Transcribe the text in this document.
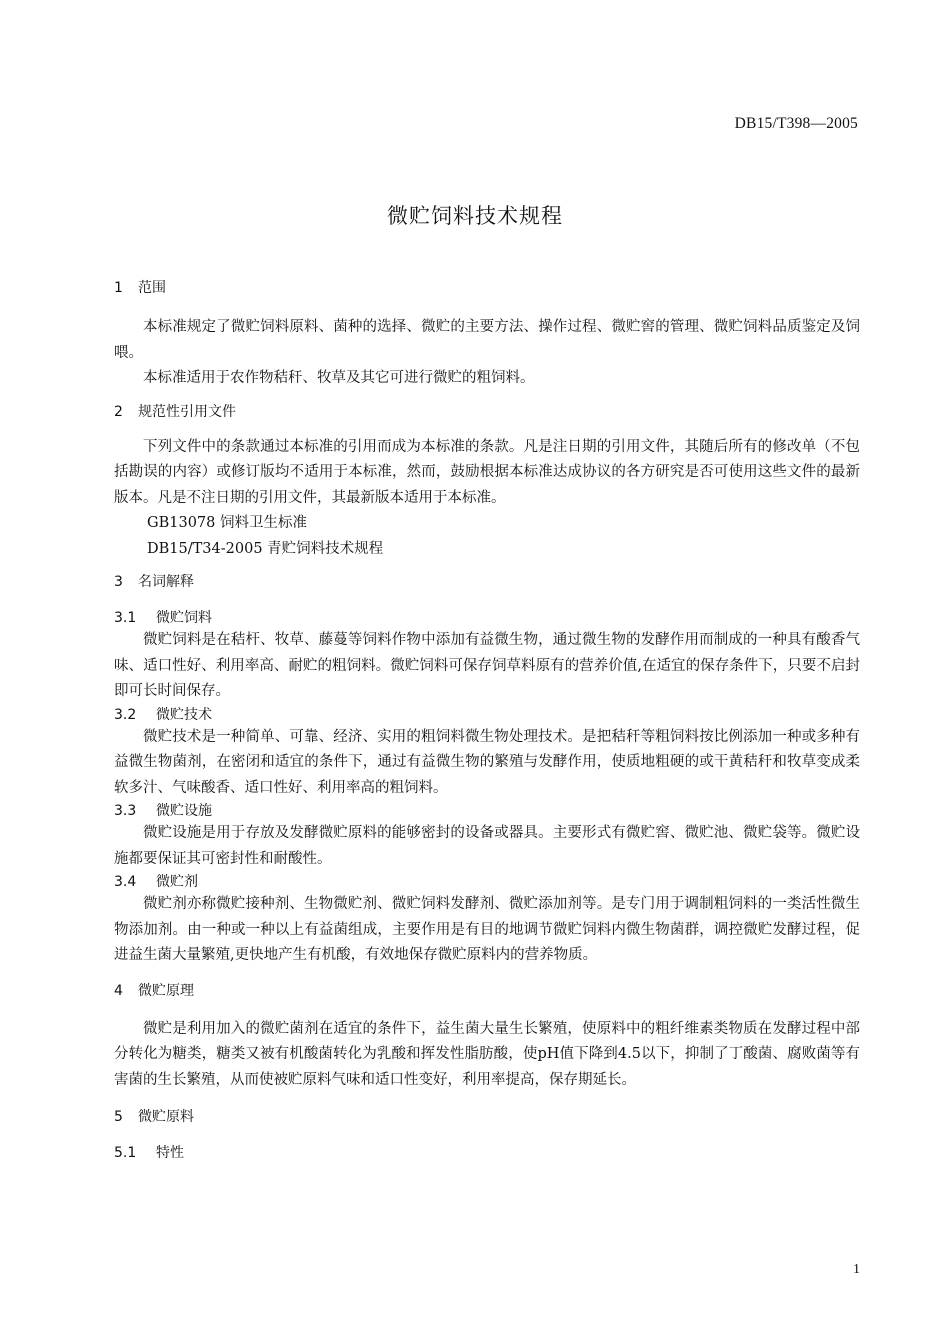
DB15/T398—2005
微贮饲料技术规程
1 范围

本标准规定了微贮饲料原料、菌种的选择、微贮的主要方法、操作过程、微贮窖的管理、微贮饲料品质鉴定及饲喂。

本标准适用于农作物秸秆、牧草及其它可进行微贮的粗饲料。

2 规范性引用文件

下列文件中的条款通过本标准的引用而成为本标准的条款。凡是注日期的引用文件，其随后所有的修改单（不包括勘误的内容）或修订版均不适用于本标准，然而，鼓励根据本标准达成协议的各方研究是否可使用这些文件的最新版本。凡是不注日期的引用文件，其最新版本适用于本标准。

GB13078 饲料卫生标准
DB15/T34-2005 青贮饲料技术规程
3 名词解释
3.1 微贮饲料

微贮饲料是在秸杆、牧草、藤蔓等饲料作物中添加有益微生物，通过微生物的发酵作用而制成的一种具有酸香气味、适口性好、利用率高、耐贮的粗饲料。微贮饲料可保存饲草料原有的营养价值,在适宜的保存条件下，只要不启封即可长时间保存。

3.2 微贮技术

微贮技术是一种简单、可靠、经济、实用的粗饲料微生物处理技术。是把秸秆等粗饲料按比例添加一种或多种有益微生物菌剂，在密闭和适宜的条件下，通过有益微生物的繁殖与发酵作用，使质地粗硬的或干黄秸秆和牧草变成柔软多汁、气味酸香、适口性好、利用率高的粗饲料。

3.3 微贮设施

微贮设施是用于存放及发酵微贮原料的能够密封的设备或器具。主要形式有微贮窖、微贮池、微贮袋等。微贮设施都要保证其可密封性和耐酸性。

3.4 微贮剂

微贮剂亦称微贮接种剂、生物微贮剂、微贮饲料发酵剂、微贮添加剂等。是专门用于调制粗饲料的一类活性微生物添加剂。由一种或一种以上有益菌组成，主要作用是有目的地调节微贮饲料内微生物菌群，调控微贮发酵过程，促进益生菌大量繁殖,更快地产生有机酸，有效地保存微贮原料内的营养物质。

4 微贮原理

微贮是利用加入的微贮菌剂在适宜的条件下，益生菌大量生长繁殖，使原料中的粗纤维素类物质在发酵过程中部分转化为糖类，糖类又被有机酸菌转化为乳酸和挥发性脂肪酸，使pH值下降到4.5以下，抑制了丁酸菌、腐败菌等有害菌的生长繁殖，从而使被贮原料气味和适口性变好，利用率提高，保存期延长。

5 微贮原料
5.1 特性
1
